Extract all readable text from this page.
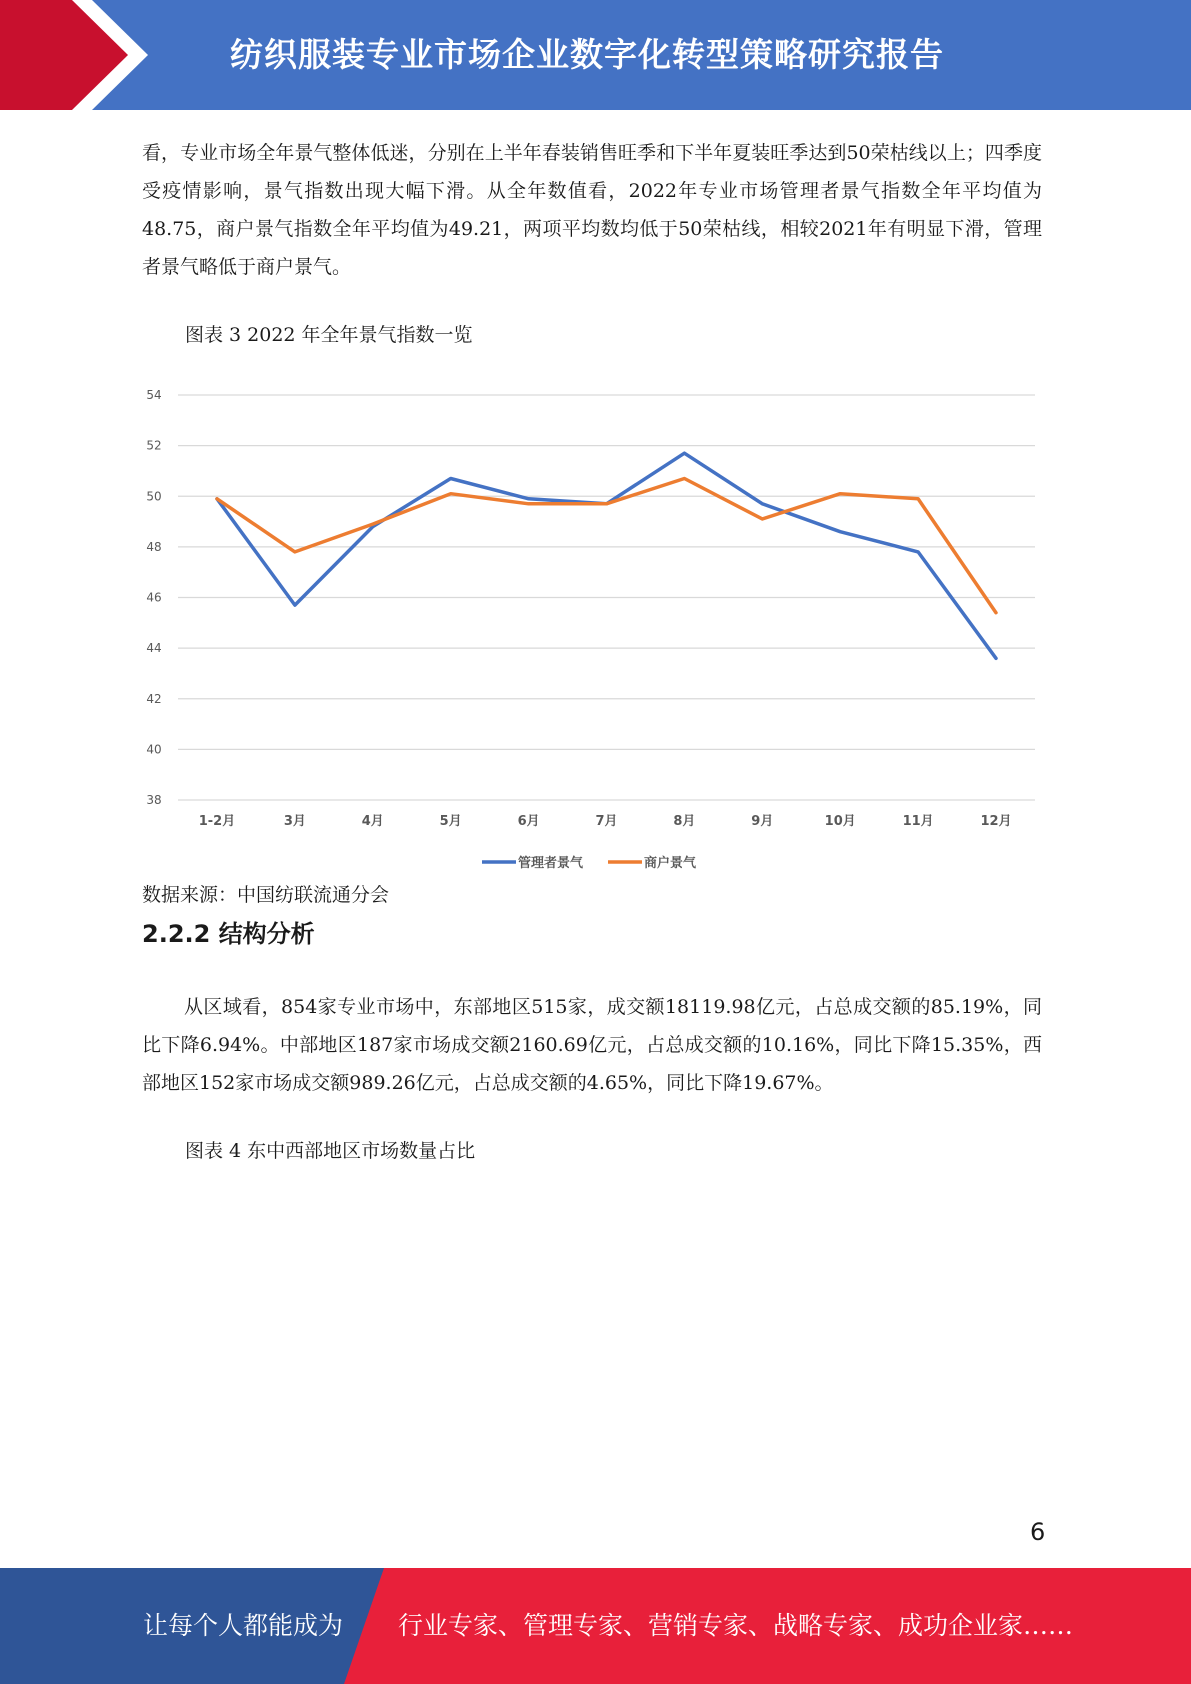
纺织服装专业市场企业数字化转型策略研究报告

看，专业市场全年景气整体低迷，分别在上半年春装销售旺季和下半年夏装旺季达到50荣枯线以上；四季度受疫情影响，景气指数出现大幅下滑。从全年数值看，2022年专业市场管理者景气指数全年平均值为48.75，商户景气指数全年平均值为49.21，两项平均数均低于50荣枯线，相较2021年有明显下滑，管理者景气略低于商户景气。

图表 3 2022 年全年景气指数一览
38
40
42
44
46
48
50
52
54
1-2月	3月	4月	5月	6月	7月	8月	9月	10月	11月	12月
管理者景气	商户景气
数据来源：中国纺联流通分会
2.2.2 结构分析

从区域看，854家专业市场中，东部地区515家，成交额18119.98亿元，占总成交额的85.19%，同比下降6.94%。中部地区187家市场成交额2160.69亿元，占总成交额的10.16%，同比下降15.35%，西部地区152家市场成交额989.26亿元，占总成交额的4.65%，同比下降19.67%。

图表 4 东中西部地区市场数量占比
6
让每个人都能成为 行业专家、管理专家、营销专家、战略专家、成功企业家……
